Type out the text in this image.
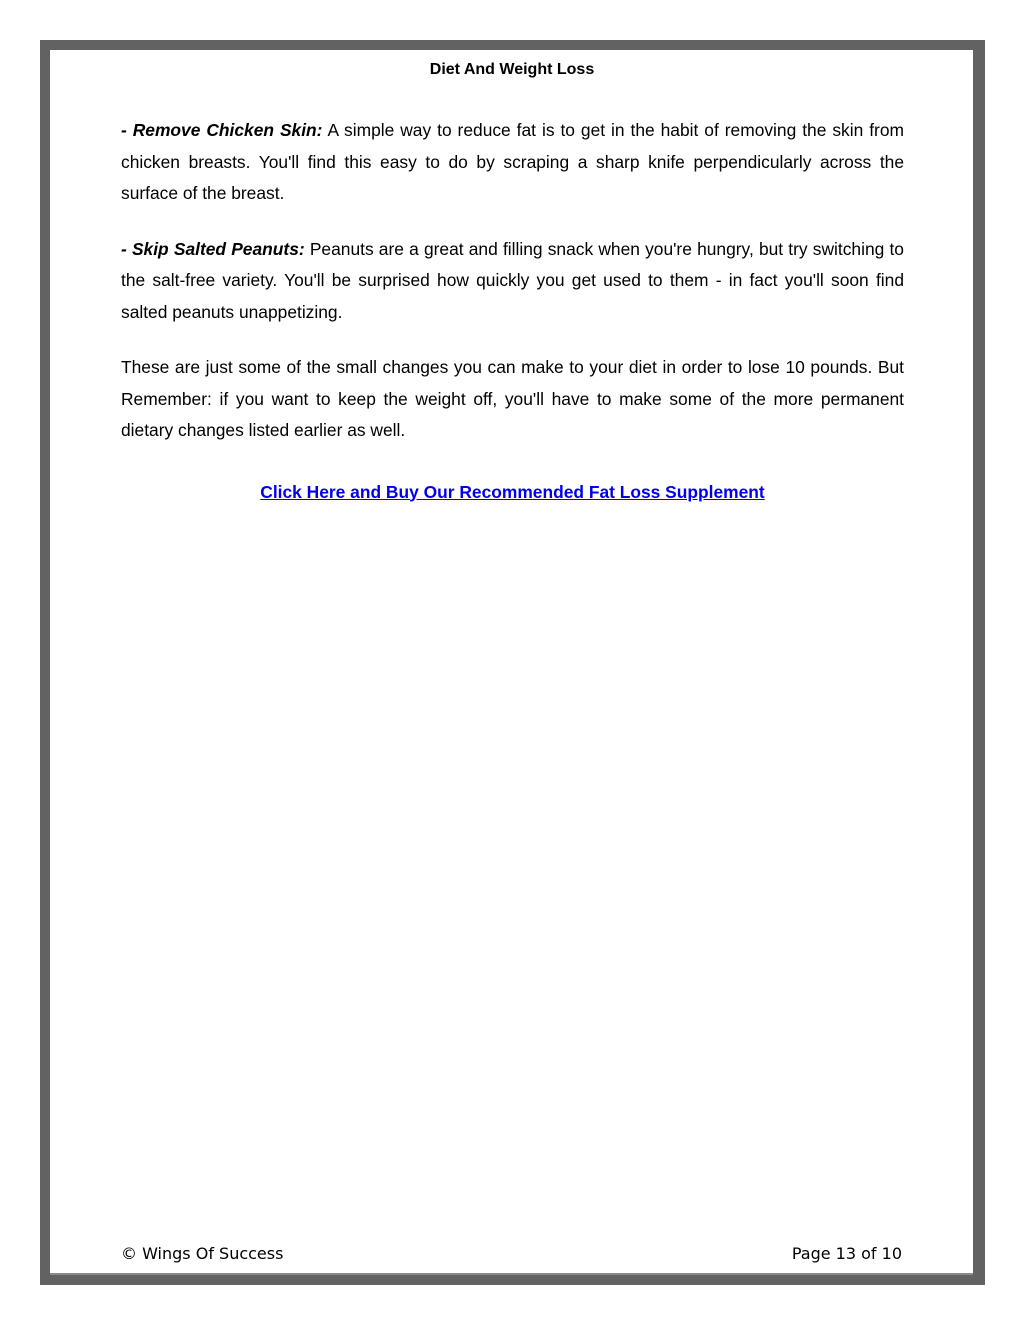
Diet And Weight Loss

- Remove Chicken Skin: A simple way to reduce fat is to get in the habit of removing the skin from chicken breasts. You'll find this easy to do by scraping a sharp knife perpendicularly across the surface of the breast.

- Skip Salted Peanuts: Peanuts are a great and filling snack when you're hungry, but try switching to the salt-free variety. You'll be surprised how quickly you get used to them - in fact you'll soon find salted peanuts unappetizing.

These are just some of the small changes you can make to your diet in order to lose 10 pounds. But Remember: if you want to keep the weight off, you'll have to make some of the more permanent dietary changes listed earlier as well.

Click Here and Buy Our Recommended Fat Loss Supplement
© Wings Of Success	Page 13 of 10
